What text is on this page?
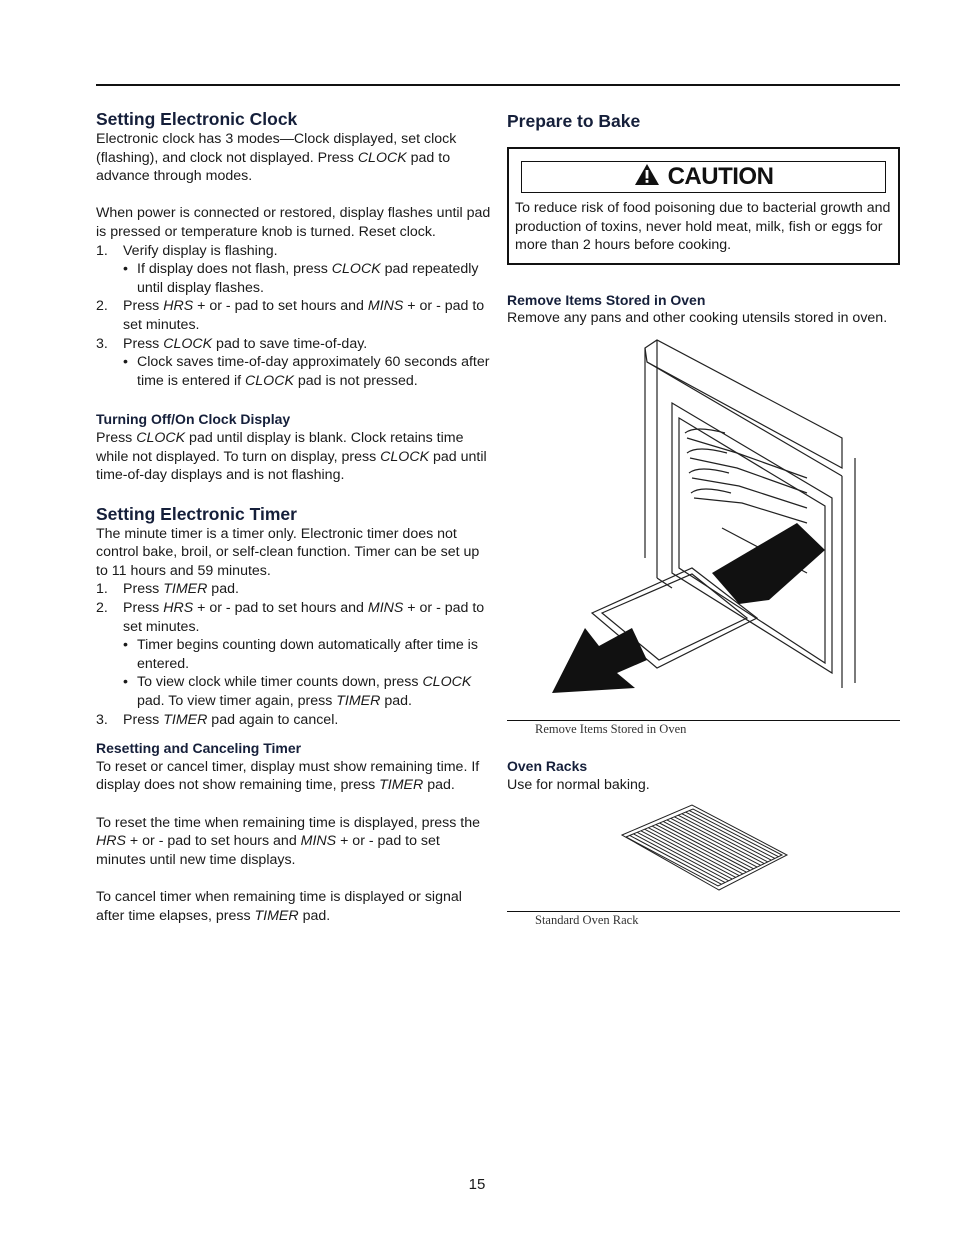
Setting Electronic Clock

Electronic clock has 3 modes—Clock displayed, set clock (flashing), and clock not displayed. Press CLOCK pad to advance through modes.

When power is connected or restored, display flashes until pad is pressed or temperature knob is turned. Reset clock.

1.	Verify display is flashing.
• If display does not flash, press CLOCK pad repeatedly until display flashes.
2.	Press HRS + or - pad to set hours and MINS + or - pad to set minutes.
3.	Press CLOCK pad to save time-of-day.
• Clock saves time-of-day approximately 60 seconds after time is entered if CLOCK pad is not pressed.
Turning Off/On Clock Display

Press CLOCK pad until display is blank. Clock retains time while not displayed. To turn on display, press CLOCK pad until time-of-day displays and is not flashing.

Setting Electronic Timer

The minute timer is a timer only. Electronic timer does not control bake, broil, or self-clean function. Timer can be set up to 11 hours and 59 minutes.

1.	Press TIMER pad.
2.	Press HRS + or - pad to set hours and MINS + or - pad to set minutes.
• Timer begins counting down automatically after time is entered.
• To view clock while timer counts down, press CLOCK pad. To view timer again, press TIMER pad.
3.	Press TIMER pad again to cancel.
Resetting and Canceling Timer

To reset or cancel timer, display must show remaining time. If display does not show remaining time, press TIMER pad.

To reset the time when remaining time is displayed, press the HRS + or - pad to set hours and MINS + or - pad to set minutes until new time displays.

To cancel timer when remaining time is displayed or signal after time elapses, press TIMER pad.

Prepare to Bake
CAUTION

To reduce risk of food poisoning due to bacterial growth and production of toxins, never hold meat, milk, fish or eggs for more than 2 hours before cooking.

Remove Items Stored in Oven

Remove any pans and other cooking utensils stored in oven.

Remove Items Stored in Oven
Oven Racks

Use for normal baking.

Standard Oven Rack
15
